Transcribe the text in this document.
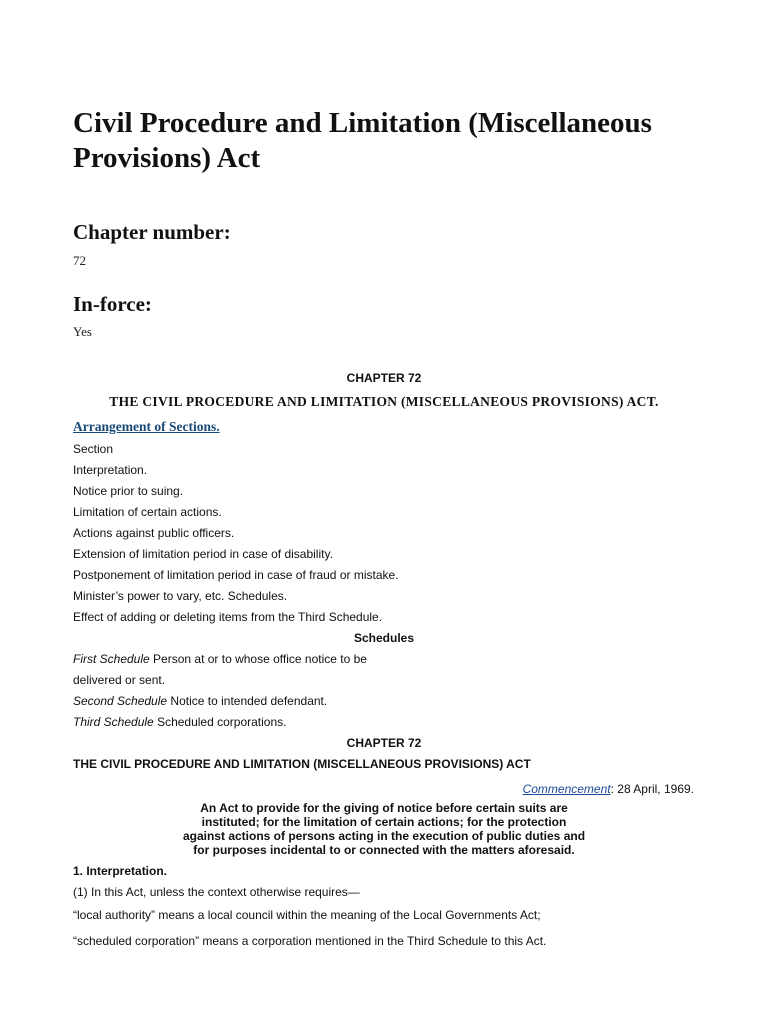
Civil Procedure and Limitation (Miscellaneous Provisions) Act
Chapter number:
72
In-force:
Yes
CHAPTER 72
THE CIVIL PROCEDURE AND LIMITATION (MISCELLANEOUS PROVISIONS) ACT.
Arrangement of Sections.
Section
Interpretation.
Notice prior to suing.
Limitation of certain actions.
Actions against public officers.
Extension of limitation period in case of disability.
Postponement of limitation period in case of fraud or mistake.
Minister’s power to vary, etc. Schedules.
Effect of adding or deleting items from the Third Schedule.
Schedules
First Schedule Person at or to whose office notice to be
delivered or sent.
Second Schedule Notice to intended defendant.
Third Schedule Scheduled corporations.
CHAPTER 72
THE CIVIL PROCEDURE AND LIMITATION (MISCELLANEOUS PROVISIONS) ACT
Commencement: 28 April, 1969.
An Act to provide for the giving of notice before certain suits are
instituted; for the limitation of certain actions; for the protection
against actions of persons acting in the execution of public duties and
for purposes incidental to or connected with the matters aforesaid.
1. Interpretation.
(1) In this Act, unless the context otherwise requires—
“local authority” means a local council within the meaning of the Local Governments Act;
“scheduled corporation” means a corporation mentioned in the Third Schedule to this Act.
